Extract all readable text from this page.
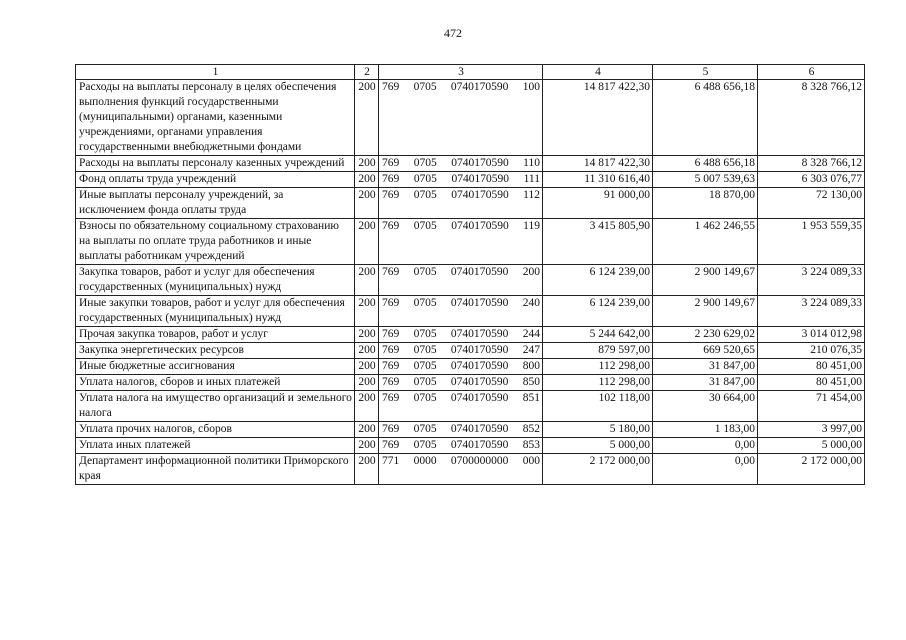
472
1	2	3	4	5	6
Расходы на выплаты персоналу в целях обеспечения выполнения функций государственными (муниципальными) органами, казенными учреждениями, органами управления государственными внебюджетными фондами	200	769 0705 0740170590 100	14 817 422,30	6 488 656,18	8 328 766,12
Расходы на выплаты персоналу казенных учреждений	200	769 0705 0740170590 110	14 817 422,30	6 488 656,18	8 328 766,12
Фонд оплаты труда учреждений	200	769 0705 0740170590 111	11 310 616,40	5 007 539,63	6 303 076,77
Иные выплаты персоналу учреждений, за исключением фонда оплаты труда	200	769 0705 0740170590 112	91 000,00	18 870,00	72 130,00
Взносы по обязательному социальному страхованию на выплаты по оплате труда работников и иные выплаты работникам учреждений	200	769 0705 0740170590 119	3 415 805,90	1 462 246,55	1 953 559,35
Закупка товаров, работ и услуг для обеспечения государственных (муниципальных) нужд	200	769 0705 0740170590 200	6 124 239,00	2 900 149,67	3 224 089,33
Иные закупки товаров, работ и услуг для обеспечения государственных (муниципальных) нужд	200	769 0705 0740170590 240	6 124 239,00	2 900 149,67	3 224 089,33
Прочая закупка товаров, работ и услуг	200	769 0705 0740170590 244	5 244 642,00	2 230 629,02	3 014 012,98
Закупка энергетических ресурсов	200	769 0705 0740170590 247	879 597,00	669 520,65	210 076,35
Иные бюджетные ассигнования	200	769 0705 0740170590 800	112 298,00	31 847,00	80 451,00
Уплата налогов, сборов и иных платежей	200	769 0705 0740170590 850	112 298,00	31 847,00	80 451,00
Уплата налога на имущество организаций и земельного налога	200	769 0705 0740170590 851	102 118,00	30 664,00	71 454,00
Уплата прочих налогов, сборов	200	769 0705 0740170590 852	5 180,00	1 183,00	3 997,00
Уплата иных платежей	200	769 0705 0740170590 853	5 000,00	0,00	5 000,00
Департамент информационной политики Приморского края	200	771 0000 0700000000 000	2 172 000,00	0,00	2 172 000,00
